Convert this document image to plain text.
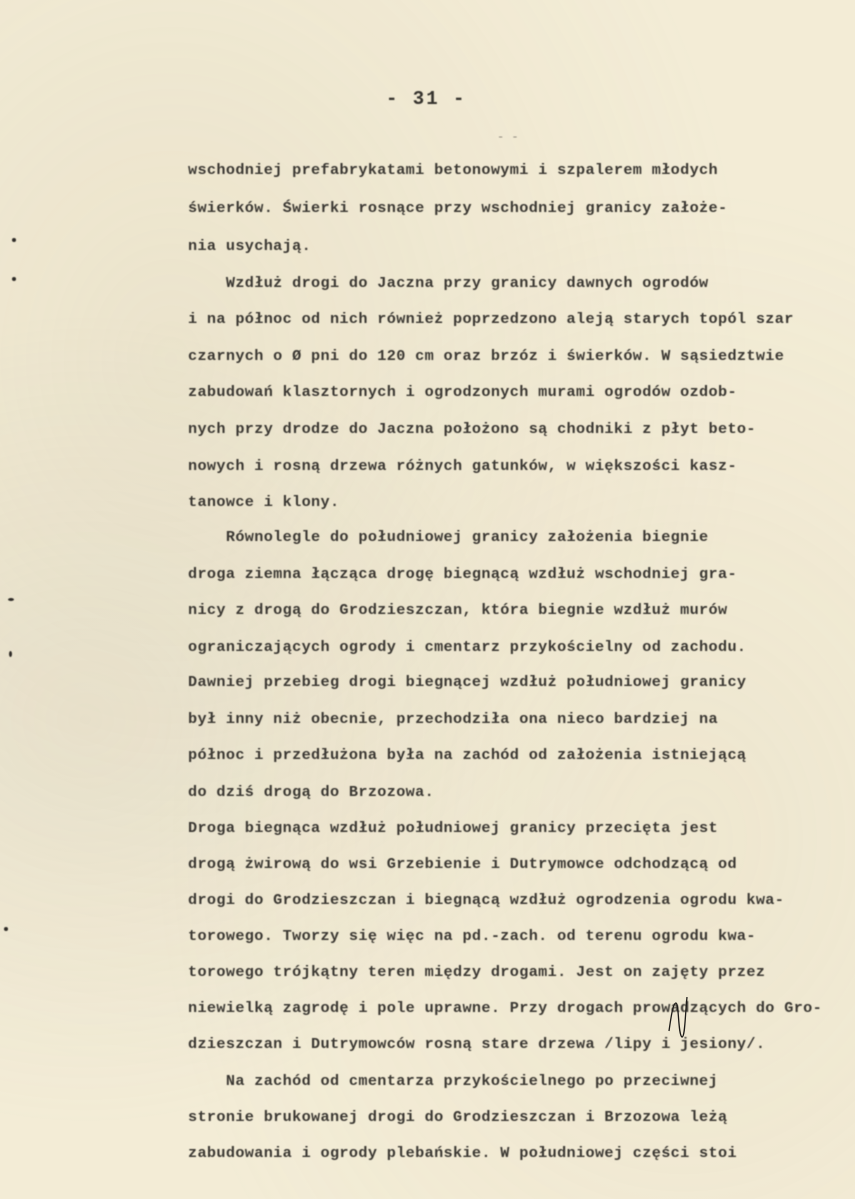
- 31 -
- -
wschodniej prefabrykatami betonowymi i szpalerem młodych
świerków. Świerki rosnące przy wschodniej granicy założe-
nia usychają.
Wzdłuż drogi do Jaczna przy granicy dawnych ogrodów
i na północ od nich również poprzedzono aleją starych topól szar
czarnych o Ø pni do 120 cm oraz brzóz i świerków. W sąsiedztwie
zabudowań klasztornych i ogrodzonych murami ogrodów ozdob-
nych przy drodze do Jaczna położono są chodniki z płyt beto-
nowych i rosną drzewa różnych gatunków, w większości kasz-
tanowce i klony.
Równolegle do południowej granicy założenia biegnie
droga ziemna łącząca drogę biegnącą wzdłuż wschodniej gra-
nicy z drogą do Grodzieszczan, która biegnie wzdłuż murów
ograniczających ogrody i cmentarz przykościelny od zachodu.
Dawniej przebieg drogi biegnącej wzdłuż południowej granicy
był inny niż obecnie, przechodziła ona nieco bardziej na
północ i przedłużona była na zachód od założenia istniejącą
do dziś drogą do Brzozowa.
Droga biegnąca wzdłuż południowej granicy przecięta jest
drogą żwirową do wsi Grzebienie i Dutrymowce odchodzącą od
drogi do Grodzieszczan i biegnącą wzdłuż ogrodzenia ogrodu kwa-
torowego. Tworzy się więc na pd.-zach. od terenu ogrodu kwa-
torowego trójkątny teren między drogami. Jest on zajęty przez
niewielką zagrodę i pole uprawne. Przy drogach prowadzących do Gro-
dzieszczan i Dutrymowców rosną stare drzewa /lipy i jesiony/.
Na zachód od cmentarza przykościelnego po przeciwnej
stronie brukowanej drogi do Grodzieszczan i Brzozowa leżą
zabudowania i ogrody plebańskie. W południowej części stoi
